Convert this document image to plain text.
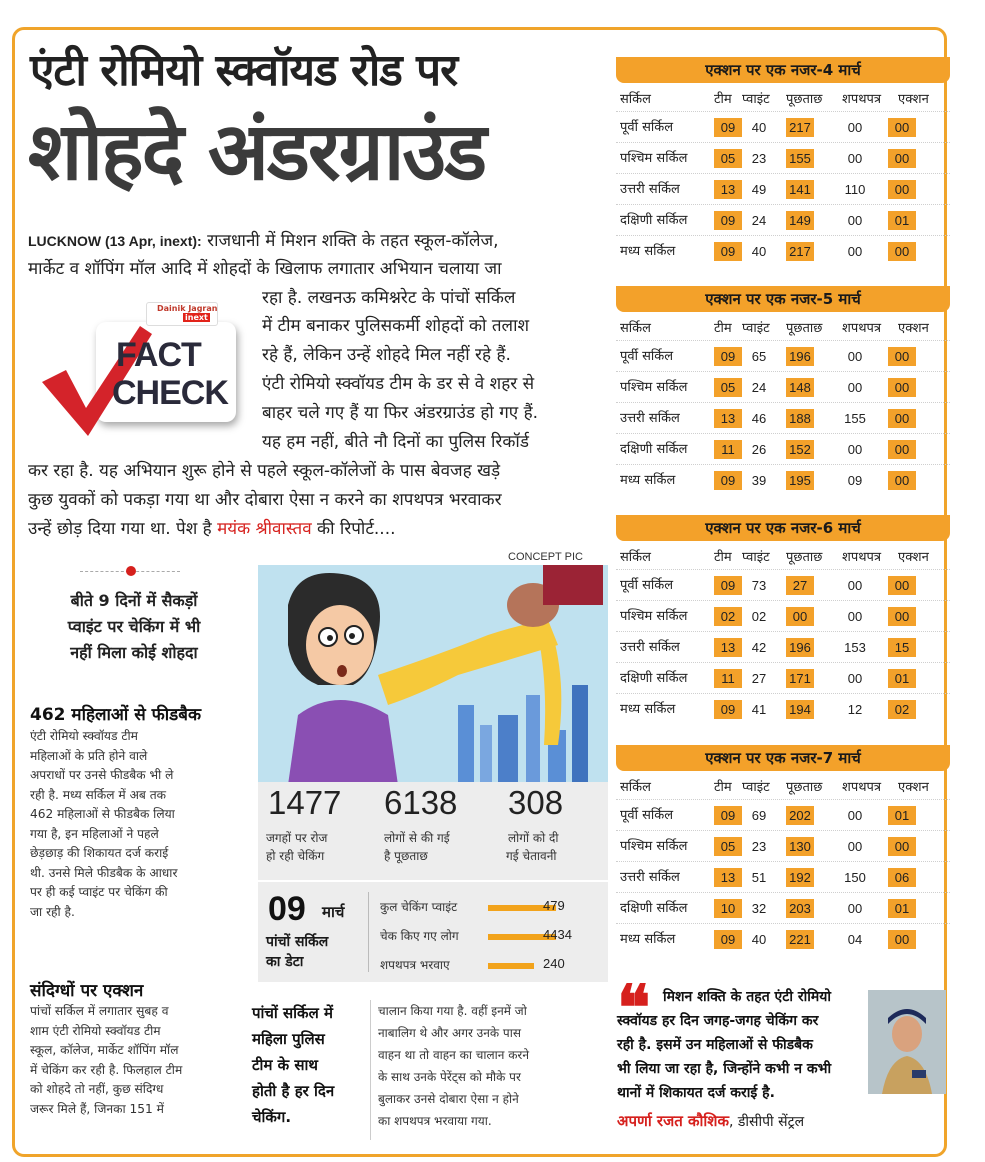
एंटी रोमियो स्क्वॉयड रोड पर
शोहदे अंडरग्राउंड
LUCKNOW (13 Apr, inext): राजधानी में मिशन शक्ति के तहत स्कूल-कॉलेज,
मार्केट व शॉपिंग मॉल आदि में शोहदों के खिलाफ लगातार अभियान चलाया जा
रहा है. लखनऊ कमिश्नरेट के पांचों सर्किल
में टीम बनाकर पुलिसकर्मी शोहदों को तलाश
रहे हैं, लेकिन उन्हें शोहदे मिल नहीं रहे हैं.
एंटी रोमियो स्क्वॉयड टीम के डर से वे शहर से
बाहर चले गए हैं या फिर अंडरग्राउंड हो गए हैं.
यह हम नहीं, बीते नौ दिनों का पुलिस रिकॉर्ड
कर रहा है. यह अभियान शुरू होने से पहले स्कूल-कॉलेजों के पास बेवजह खड़े
कुछ युवकों को पकड़ा गया था और दोबारा ऐसा न करने का शपथपत्र भरवाकर
उन्हें छोड़ दिया गया था. पेश है मयंक श्रीवास्तव की रिपोर्ट....
Dainik Jagran
inext
FACT
CHECK
CONCEPT PIC
बीते 9 दिनों में सैकड़ों
प्वाइंट पर चेकिंग में भी
नहीं मिला कोई शोहदा
462 महिलाओं से फीडबैक
एंटी रोमियो स्क्वॉयड टीम
महिलाओं के प्रति होने वाले
अपराधों पर उनसे फीडबैक भी ले
रही है. मध्य सर्किल में अब तक
462 महिलाओं से फीडबैक लिया
गया है, इन महिलाओं ने पहले
छेड़छाड़ की शिकायत दर्ज कराई
थी. उनसे मिले फीडबैक के आधार
पर ही कई प्वाइंट पर चेकिंग की
जा रही है.
संदिग्धों पर एक्शन
पांचों सर्किल में लगातार सुबह व
शाम एंटी रोमियो स्क्वॉयड टीम
स्कूल, कॉलेज, मार्केट शॉपिंग मॉल
में चेकिंग कर रही है. फिलहाल टीम
को शोहदे तो नहीं, कुछ संदिग्ध
जरूर मिले हैं, जिनका 151 में
1477
जगहों पर रोज
हो रही चेकिंग
6138
लोगों से की गई
है पूछताछ
308
लोगों को दी
गई चेतावनी
09 मार्च
पांचों सर्किल
का डेटा
कुल चेकिंग प्वाइंट	479
चेक किए गए लोग	4434
शपथपत्र भरवाए	240
पांचों सर्किल में
महिला पुलिस
टीम के साथ
होती है हर दिन
चेकिंग.
चालान किया गया है. वहीं इनमें जो
नाबालिग थे और अगर उनके पास
वाहन था तो वाहन का चालान करने
के साथ उनके पेरेंट्स को मौके पर
बुलाकर उनसे दोबारा ऐसा न होने
का शपथपत्र भरवाया गया.
एक्शन पर एक नजर-4 मार्च
सर्किल	टीम प्वाइंट पूछताछ शपथपत्र एक्शन
पूर्वी सर्किल	09	40	217	00	00
पश्चिम सर्किल	05	23	155	00	00
उत्तरी सर्किल	13	49	141	110	00
दक्षिणी सर्किल	09	24	149	00	01
मध्य सर्किल	09	40	217	00	00
एक्शन पर एक नजर-5 मार्च
सर्किल	टीम प्वाइंट पूछताछ शपथपत्र एक्शन
पूर्वी सर्किल	09	65	196	00	00
पश्चिम सर्किल	05	24	148	00	00
उत्तरी सर्किल	13	46	188	155	00
दक्षिणी सर्किल	11	26	152	00	00
मध्य सर्किल	09	39	195	09	00
एक्शन पर एक नजर-6 मार्च
सर्किल	टीम प्वाइंट पूछताछ शपथपत्र एक्शन
पूर्वी सर्किल	09	73	27	00	00
पश्चिम सर्किल	02	02	00	00	00
उत्तरी सर्किल	13	42	196	153	15
दक्षिणी सर्किल	11	27	171	00	01
मध्य सर्किल	09	41	194	12	02
एक्शन पर एक नजर-7 मार्च
सर्किल	टीम प्वाइंट पूछताछ शपथपत्र एक्शन
पूर्वी सर्किल	09	69	202	00	01
पश्चिम सर्किल	05	23	130	00	00
उत्तरी सर्किल	13	51	192	150	06
दक्षिणी सर्किल	10	32	203	00	01
मध्य सर्किल	09	40	221	04	00
❝ मिशन शक्ति के तहत एंटी रोमियो
स्क्वॉयड हर दिन जगह-जगह चेकिंग कर
रही है. इसमें उन महिलाओं से फीडबैक
भी लिया जा रहा है, जिन्होंने कभी न कभी
थानों में शिकायत दर्ज कराई है.
अपर्णा रजत कौशिक, डीसीपी सेंट्रल
